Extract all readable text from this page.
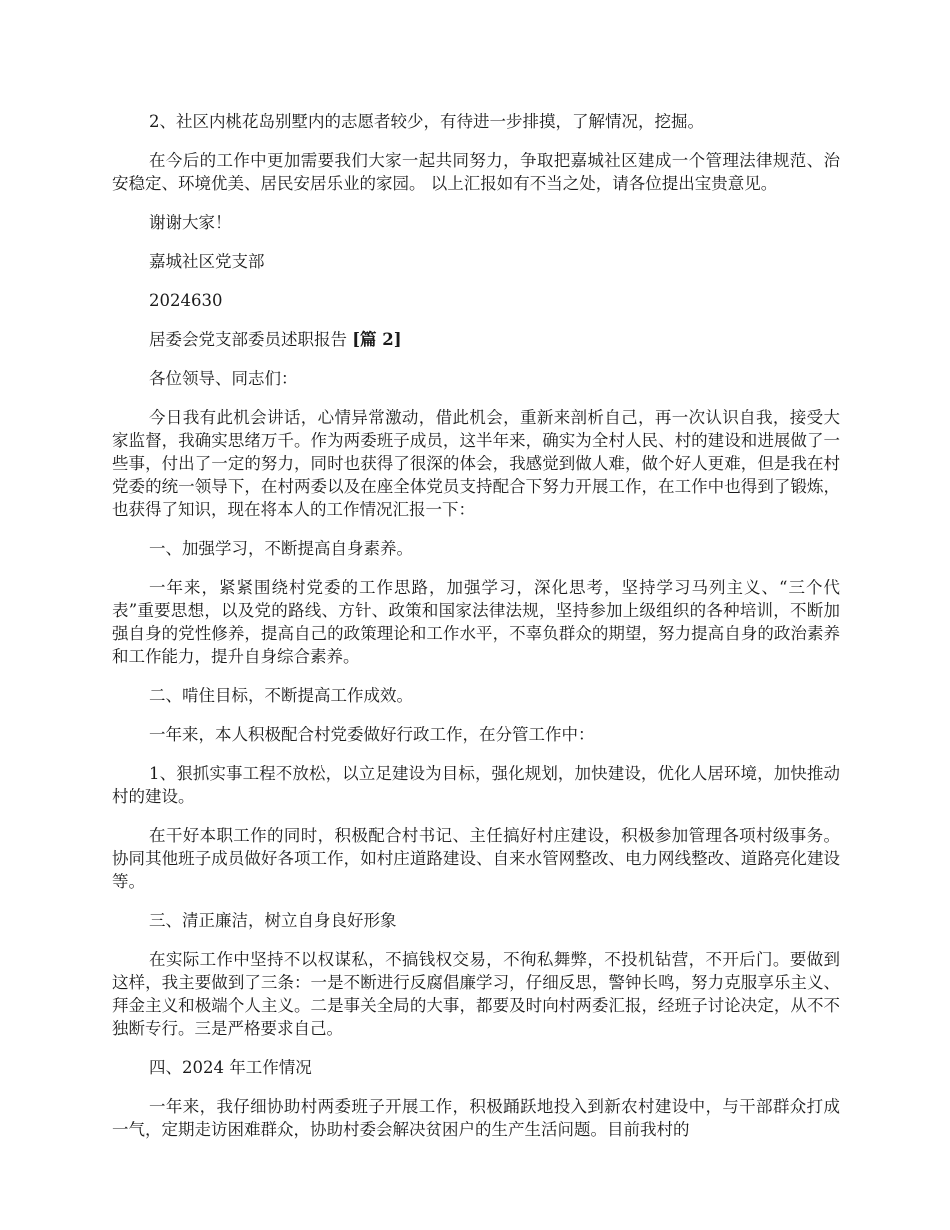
2、社区内桃花岛别墅内的志愿者较少，有待进一步排摸，了解情况，挖掘。

在今后的工作中更加需要我们大家一起共同努力，争取把嘉城社区建成一个管理法律规范、治安稳定、环境优美、居民安居乐业的家园。 以上汇报如有不当之处，请各位提出宝贵意见。

谢谢大家！

嘉城社区党支部

2024630

居委会党支部委员述职报告 [篇 2]

各位领导、同志们：

今日我有此机会讲话，心情异常激动，借此机会，重新来剖析自己，再一次认识自我，接受大家监督，我确实思绪万千。作为两委班子成员，这半年来，确实为全村人民、村的建设和进展做了一些事，付出了一定的努力，同时也获得了很深的体会，我感觉到做人难，做个好人更难，但是我在村党委的统一领导下，在村两委以及在座全体党员支持配合下努力开展工作，在工作中也得到了锻炼，也获得了知识，现在将本人的工作情况汇报一下：

一、加强学习，不断提高自身素养。

一年来，紧紧围绕村党委的工作思路，加强学习，深化思考，坚持学习马列主义、“三个代表”重要思想，以及党的路线、方针、政策和国家法律法规，坚持参加上级组织的各种培训，不断加强自身的党性修养，提高自己的政策理论和工作水平，不辜负群众的期望，努力提高自身的政治素养和工作能力，提升自身综合素养。

二、啃住目标，不断提高工作成效。

一年来，本人积极配合村党委做好行政工作，在分管工作中：

1、狠抓实事工程不放松，以立足建设为目标，强化规划，加快建设，优化人居环境，加快推动村的建设。

在干好本职工作的同时，积极配合村书记、主任搞好村庄建设，积极参加管理各项村级事务。协同其他班子成员做好各项工作，如村庄道路建设、自来水管网整改、电力网线整改、道路亮化建设等。

三、清正廉洁，树立自身良好形象

在实际工作中坚持不以权谋私，不搞钱权交易，不徇私舞弊，不投机钻营，不开后门。要做到这样，我主要做到了三条：一是不断进行反腐倡廉学习，仔细反思，警钟长鸣，努力克服享乐主义、拜金主义和极端个人主义。二是事关全局的大事，都要及时向村两委汇报，经班子讨论决定，从不不独断专行。三是严格要求自己。

四、2024 年工作情况

一年来，我仔细协助村两委班子开展工作，积极踊跃地投入到新农村建设中，与干部群众打成一气，定期走访困难群众，协助村委会解决贫困户的生产生活问题。目前我村的
